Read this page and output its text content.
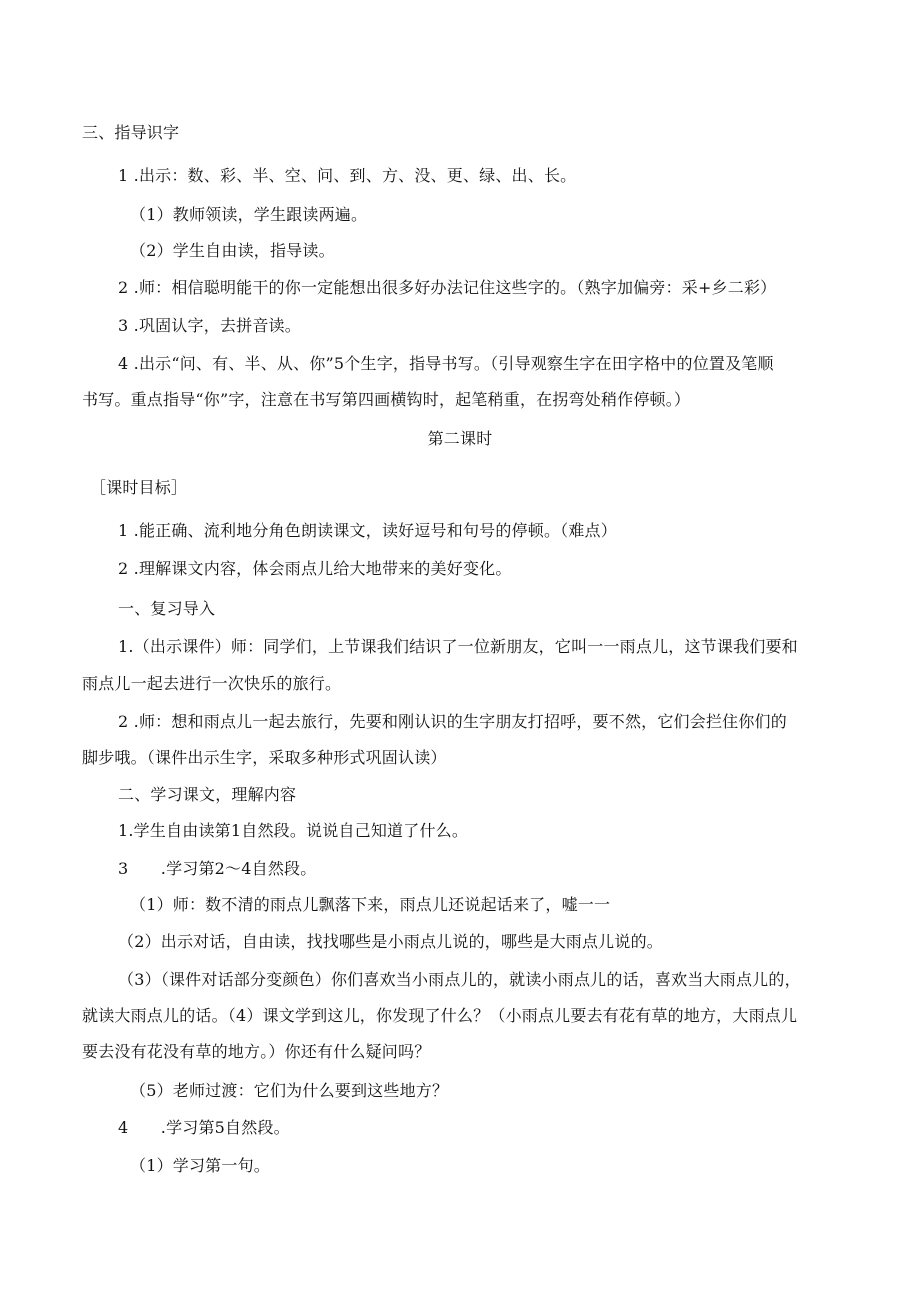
三、指导识字
1 .出示：数、彩、半、空、问、到、方、没、更、绿、出、长。
（1）教师领读，学生跟读两遍。
（2）学生自由读，指导读。
2 .师：相信聪明能干的你一定能想出很多好办法记住这些字的。（熟字加偏旁：采+乡二彩）
3 .巩固认字，去拼音读。
4 .出示“问、有、半、从、你”5个生字，指导书写。（引导观察生字在田字格中的位置及笔顺
书写。重点指导“你”字，注意在书写第四画横钩时，起笔稍重，在拐弯处稍作停顿。）
第二课时
［课时目标］
1 .能正确、流利地分角色朗读课文，读好逗号和句号的停顿。（难点）
2 .理解课文内容，体会雨点儿给大地带来的美好变化。
一、复习导入
1.（出示课件）师：同学们，上节课我们结识了一位新朋友，它叫一一雨点儿，这节课我们要和
雨点儿一起去进行一次快乐的旅行。
2 .师：想和雨点儿一起去旅行，先要和刚认识的生字朋友打招呼，要不然，它们会拦住你们的
脚步哦。（课件出示生字，采取多种形式巩固认读）
二、学习课文，理解内容
1.学生自由读第1自然段。说说自己知道了什么。
3　　.学习第2～4自然段。
（1）师：数不清的雨点儿飘落下来，雨点儿还说起话来了，嘘一一
（2）出示对话，自由读，找找哪些是小雨点儿说的，哪些是大雨点儿说的。
（3）（课件对话部分变颜色）你们喜欢当小雨点儿的，就读小雨点儿的话，喜欢当大雨点儿的，
就读大雨点儿的话。（4）课文学到这儿，你发现了什么？（小雨点儿要去有花有草的地方，大雨点儿
要去没有花没有草的地方。）你还有什么疑问吗？
（5）老师过渡：它们为什么要到这些地方？
4　　.学习第5自然段。
（1）学习第一句。
